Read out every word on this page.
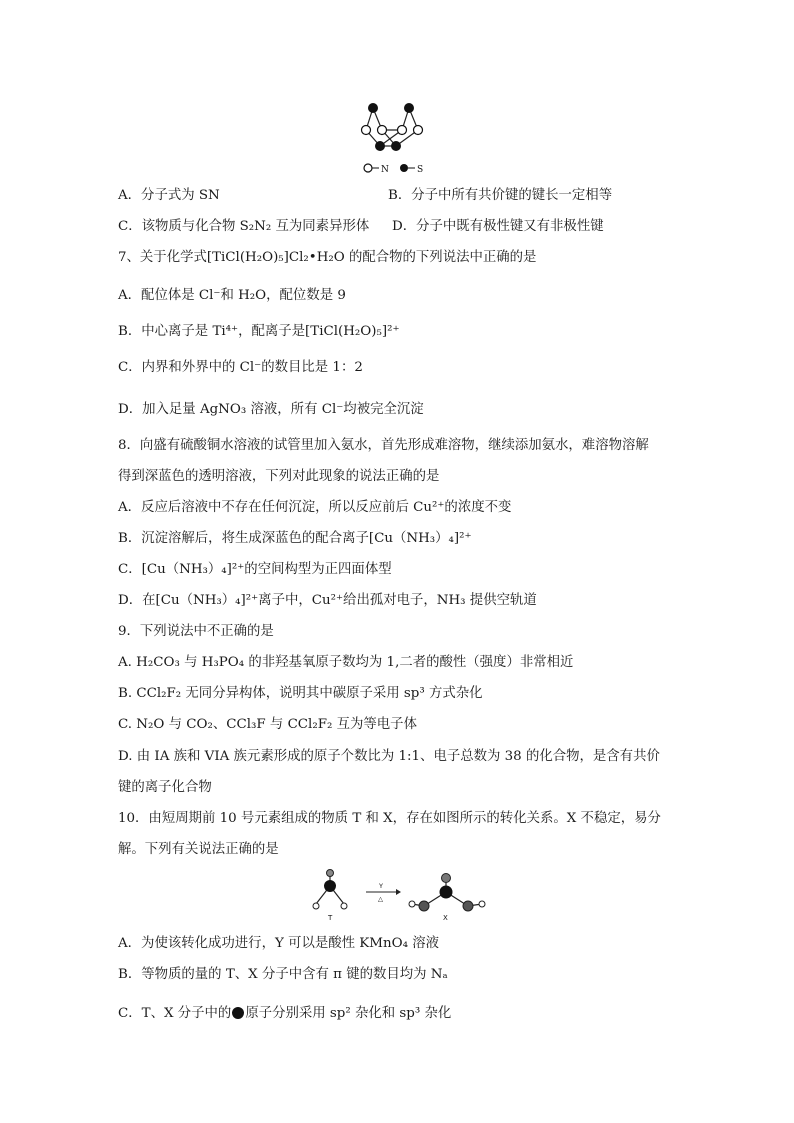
N	S
A．分子式为 SN	B．分子中所有共价键的键长一定相等
C．该物质与化合物 S₂N₂ 互为同素异形体 D．分子中既有极性键又有非极性键
7、关于化学式[TiCl(H₂O)₅]Cl₂•H₂O 的配合物的下列说法中正确的是
A．配位体是 Cl⁻和 H₂O，配位数是 9
B．中心离子是 Ti⁴⁺，配离子是[TiCl(H₂O)₅]²⁺
C．内界和外界中的 Cl⁻的数目比是 1：2
D．加入足量 AgNO₃ 溶液，所有 Cl⁻均被完全沉淀
8．向盛有硫酸铜水溶液的试管里加入氨水，首先形成难溶物，继续添加氨水，难溶物溶解
得到深蓝色的透明溶液，下列对此现象的说法正确的是
A．反应后溶液中不存在任何沉淀，所以反应前后 Cu²⁺的浓度不变
B．沉淀溶解后，将生成深蓝色的配合离子[Cu（NH₃）₄]²⁺
C．[Cu（NH₃）₄]²⁺的空间构型为正四面体型
D．在[Cu（NH₃）₄]²⁺离子中，Cu²⁺给出孤对电子，NH₃ 提供空轨道
9．下列说法中不正确的是
A. H₂CO₃ 与 H₃PO₄ 的非羟基氧原子数均为 1,二者的酸性（强度）非常相近
B. CCl₂F₂ 无同分异构体，说明其中碳原子采用 sp³ 方式杂化
C. N₂O 与 CO₂、CCl₃F 与 CCl₂F₂ 互为等电子体
D. 由 IA 族和 VIA 族元素形成的原子个数比为 1:1、电子总数为 38 的化合物，是含有共价
键的离子化合物
10．由短周期前 10 号元素组成的物质 T 和 X，存在如图所示的转化关系。X 不稳定，易分
解。下列有关说法正确的是
T
Y
△
X
A．为使该转化成功进行，Y 可以是酸性 KMnO₄ 溶液
B．等物质的量的 T、X 分子中含有 π 键的数目均为 Nₐ
C．T、X 分子中的 原子分别采用 sp² 杂化和 sp³ 杂化
